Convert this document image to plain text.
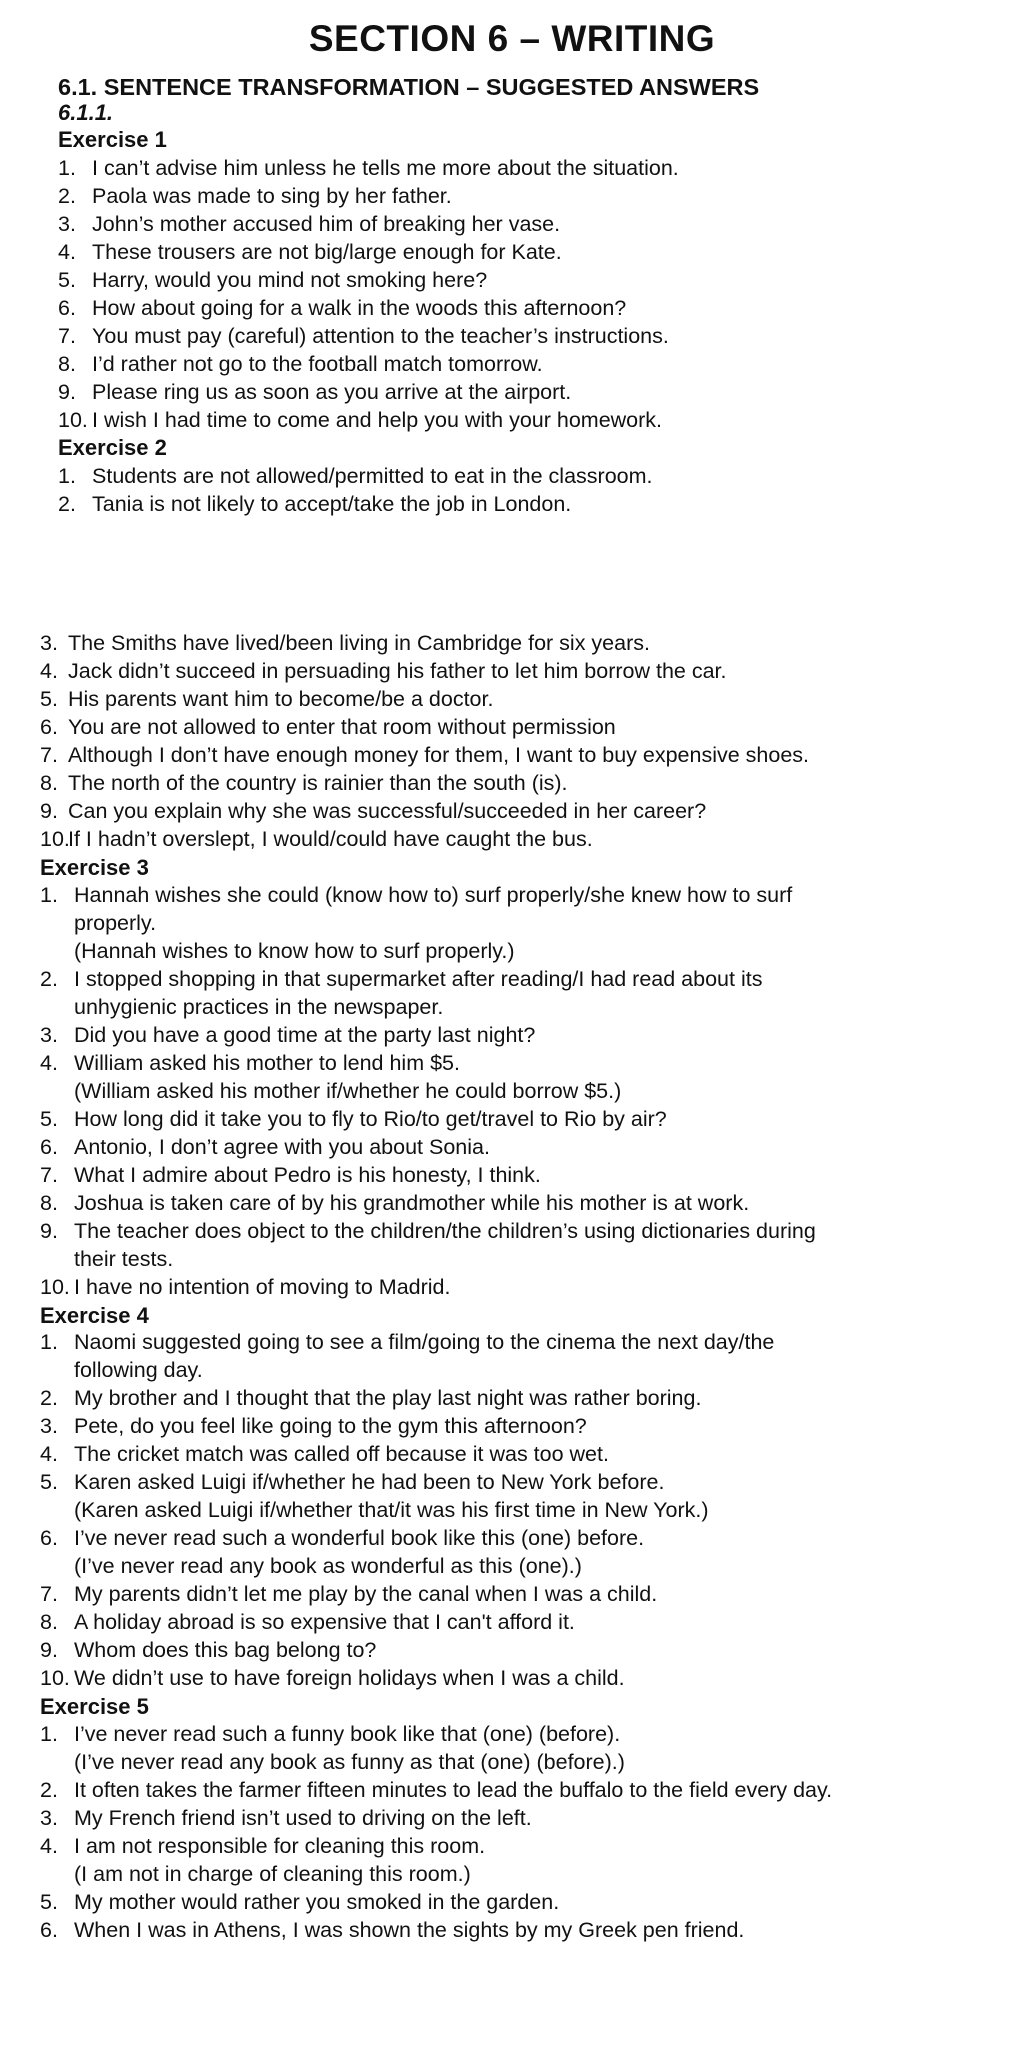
SECTION 6 – WRITING
6.1. SENTENCE TRANSFORMATION – SUGGESTED ANSWERS
6.1.1.
Exercise 1
1. I can’t advise him unless he tells me more about the situation.
2. Paola was made to sing by her father.
3. John’s mother accused him of breaking her vase.
4. These trousers are not big/large enough for Kate.
5. Harry, would you mind not smoking here?
6. How about going for a walk in the woods this afternoon?
7. You must pay (careful) attention to the teacher’s instructions.
8. I’d rather not go to the football match tomorrow.
9. Please ring us as soon as you arrive at the airport.
10. I wish I had time to come and help you with your homework.
Exercise 2
1. Students are not allowed/permitted to eat in the classroom.
2. Tania is not likely to accept/take the job in London.
3. The Smiths have lived/been living in Cambridge for six years.
4. Jack didn’t succeed in persuading his father to let him borrow the car.
5. His parents want him to become/be a doctor.
6. You are not allowed to enter that room without permission
7. Although I don’t have enough money for them, I want to buy expensive shoes.
8. The north of the country is rainier than the south (is).
9. Can you explain why she was successful/succeeded in her career?
10.
If I hadn’t overslept, I would/could have caught the bus.
Exercise 3
1. Hannah wishes she could (know how to) surf properly/she knew how to surf
properly.
(Hannah wishes to know how to surf properly.)
2. I stopped shopping in that supermarket after reading/I had read about its
unhygienic practices in the newspaper.
3. Did you have a good time at the party last night?
4. William asked his mother to lend him $5.
(William asked his mother if/whether he could borrow $5.)
5. How long did it take you to fly to Rio/to get/travel to Rio by air?
6. Antonio, I don’t agree with you about Sonia.
7. What I admire about Pedro is his honesty, I think.
8. Joshua is taken care of by his grandmother while his mother is at work.
9. The teacher does object to the children/the children’s using dictionaries during
their tests.
10. I have no intention of moving to Madrid.
Exercise 4
1. Naomi suggested going to see a film/going to the cinema the next day/the
following day.
2. My brother and I thought that the play last night was rather boring.
3. Pete, do you feel like going to the gym this afternoon?
4. The cricket match was called off because it was too wet.
5. Karen asked Luigi if/whether he had been to New York before.
(Karen asked Luigi if/whether that/it was his first time in New York.)
6. I’ve never read such a wonderful book like this (one) before.
(I’ve never read any book as wonderful as this (one).)
7. My parents didn’t let me play by the canal when I was a child.
8. A holiday abroad is so expensive that I can't afford it.
9. Whom does this bag belong to?
10. We didn’t use to have foreign holidays when I was a child.
Exercise 5
1. I’ve never read such a funny book like that (one) (before).
(I’ve never read any book as funny as that (one) (before).)
2. It often takes the farmer fifteen minutes to lead the buffalo to the field every day.
3. My French friend isn’t used to driving on the left.
4. I am not responsible for cleaning this room.
(I am not in charge of cleaning this room.)
5. My mother would rather you smoked in the garden.
6. When I was in Athens, I was shown the sights by my Greek pen friend.
